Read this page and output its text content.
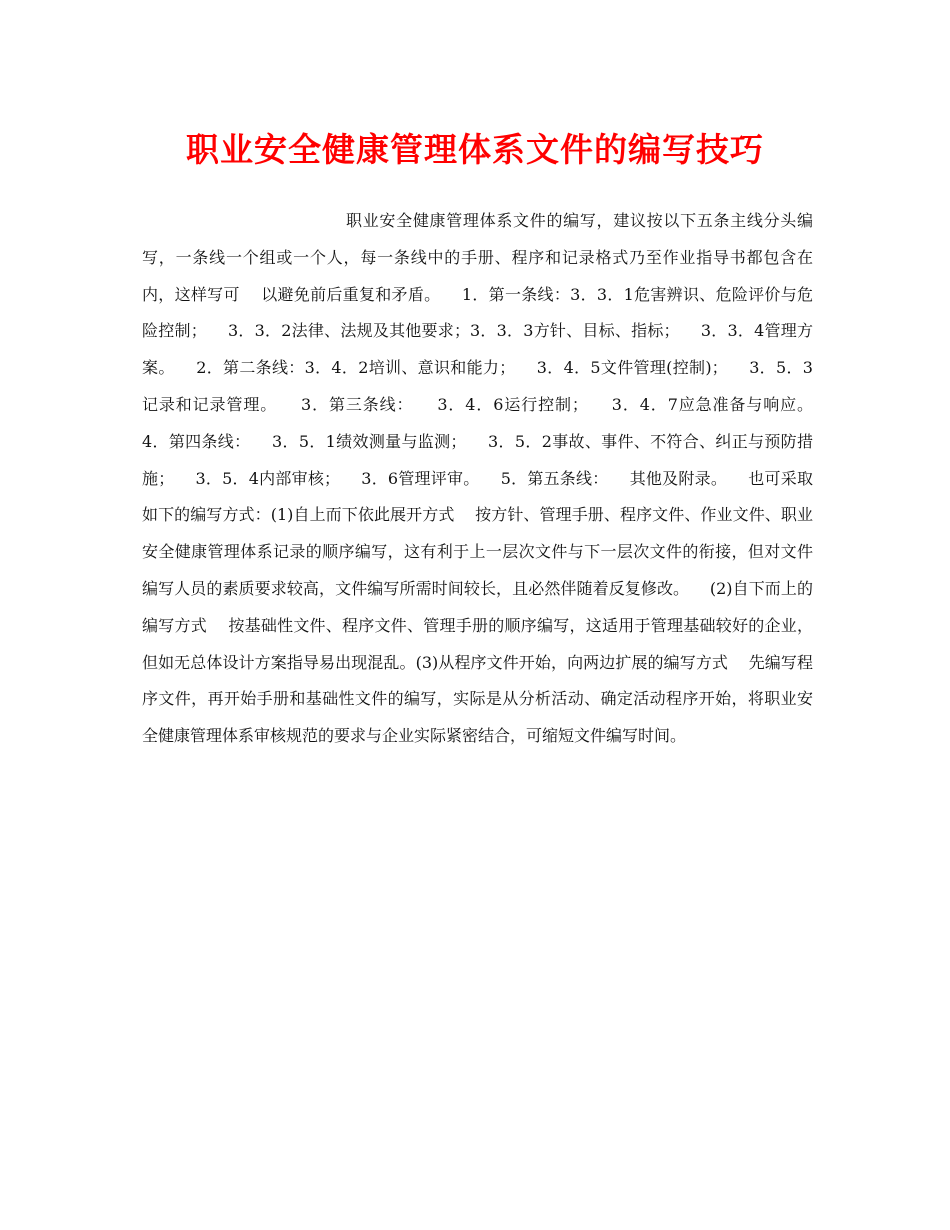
职业安全健康管理体系文件的编写技巧

职业安全健康管理体系文件的编写，建议按以下五条主线分头编写，一条线一个组或一个人，每一条线中的手册、程序和记录格式乃至作业指导书都包含在内，这样写可    以避免前后重复和矛盾。    1．第一条线：3．3．1危害辨识、危险评价与危险控制；    3．3．2法律、法规及其他要求；3．3．3方针、目标、指标；    3．3．4管理方案。    2．第二条线：3．4．2培训、意识和能力；    3．4．5文件管理(控制)；    3．5．3记录和记录管理。    3．第三条线：    3．4．6运行控制；    3．4．7应急准备与响应。    4．第四条线：    3．5．1绩效测量与监测；    3．5．2事故、事件、不符合、纠正与预防措施；    3．5．4内部审核；    3．6管理评审。    5．第五条线：    其他及附录。    也可采取如下的编写方式：(1)自上而下依此展开方式    按方针、管理手册、程序文件、作业文件、职业安全健康管理体系记录的顺序编写，这有利于上一层次文件与下一层次文件的衔接，但对文件编写人员的素质要求较高，文件编写所需时间较长，且必然伴随着反复修改。    (2)自下而上的编写方式    按基础性文件、程序文件、管理手册的顺序编写，这适用于管理基础较好的企业，但如无总体设计方案指导易出现混乱。(3)从程序文件开始，向两边扩展的编写方式    先编写程序文件，再开始手册和基础性文件的编写，实际是从分析活动、确定活动程序开始，将职业安全健康管理体系审核规范的要求与企业实际紧密结合，可缩短文件编写时间。
